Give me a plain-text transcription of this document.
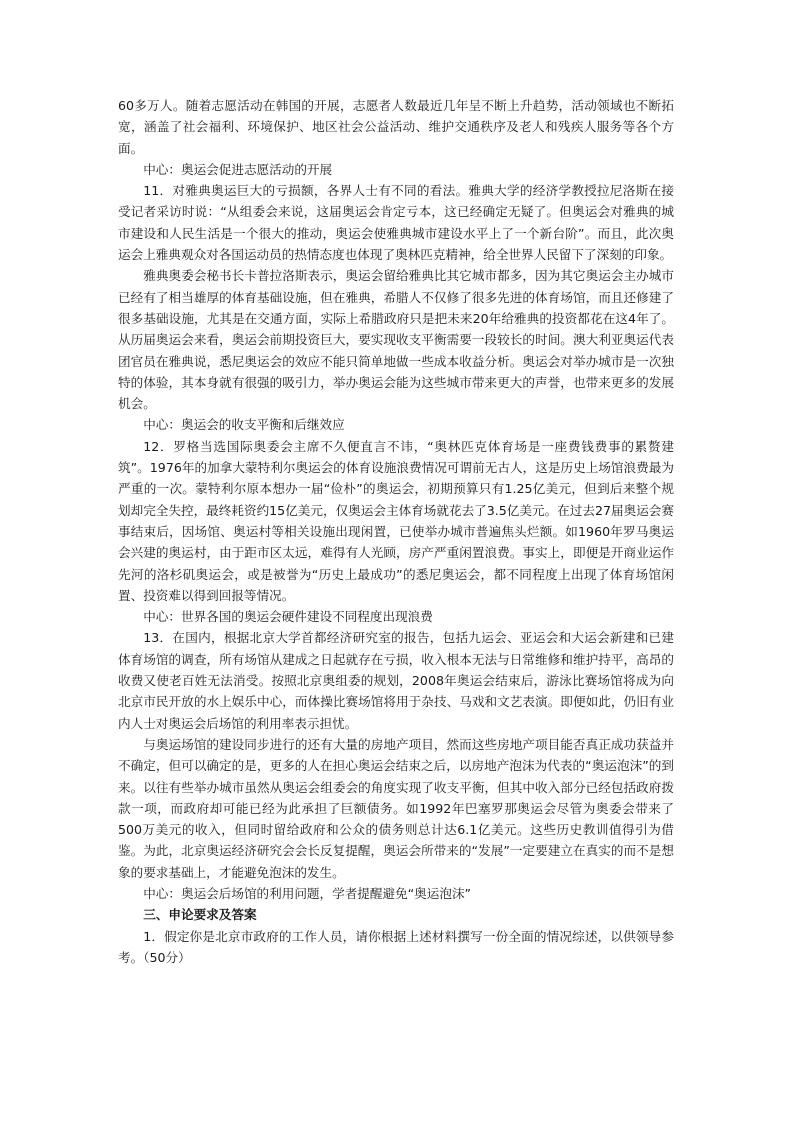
60多万人。随着志愿活动在韩国的开展，志愿者人数最近几年呈不断上升趋势，活动领域也不断拓宽，涵盖了社会福利、环境保护、地区社会公益活动、维护交通秩序及老人和残疾人服务等各个方面。

中心：奥运会促进志愿活动的开展

11．对雅典奥运巨大的亏损额，各界人士有不同的看法。雅典大学的经济学教授拉尼洛斯在接受记者采访时说：“从组委会来说，这届奥运会肯定亏本，这已经确定无疑了。但奥运会对雅典的城市建设和人民生活是一个很大的推动，奥运会使雅典城市建设水平上了一个新台阶”。而且，此次奥运会上雅典观众对各国运动员的热情态度也体现了奥林匹克精神，给全世界人民留下了深刻的印象。

雅典奥委会秘书长卡普拉洛斯表示，奥运会留给雅典比其它城市都多，因为其它奥运会主办城市已经有了相当雄厚的体育基础设施，但在雅典，希腊人不仅修了很多先进的体育场馆，而且还修建了很多基础设施，尤其是在交通方面，实际上希腊政府只是把未来20年给雅典的投资都花在这4年了。从历届奥运会来看，奥运会前期投资巨大，要实现收支平衡需要一段较长的时间。澳大利亚奥运代表团官员在雅典说，悉尼奥运会的效应不能只简单地做一些成本收益分析。奥运会对举办城市是一次独特的体验，其本身就有很强的吸引力，举办奥运会能为这些城市带来更大的声誉，也带来更多的发展机会。

中心：奥运会的收支平衡和后继效应

12．罗格当选国际奥委会主席不久便直言不讳，“奥林匹克体育场是一座费钱费事的累赘建筑”。1976年的加拿大蒙特利尔奥运会的体育设施浪费情况可谓前无古人，这是历史上场馆浪费最为严重的一次。蒙特利尔原本想办一届“俭朴”的奥运会，初期预算只有1.25亿美元，但到后来整个规划却完全失控，最终耗资约15亿美元，仅奥运会主体育场就花去了3.5亿美元。在过去27届奥运会赛事结束后，因场馆、奥运村等相关设施出现闲置，已使举办城市普遍焦头烂额。如1960年罗马奥运会兴建的奥运村，由于距市区太远，难得有人光顾，房产严重闲置浪费。事实上，即便是开商业运作先河的洛杉矶奥运会，或是被誉为“历史上最成功”的悉尼奥运会，都不同程度上出现了体育场馆闲置、投资难以得到回报等情况。

中心：世界各国的奥运会硬件建设不同程度出现浪费

13．在国内，根据北京大学首都经济研究室的报告，包括九运会、亚运会和大运会新建和已建体育场馆的调查，所有场馆从建成之日起就存在亏损，收入根本无法与日常维修和维护持平，高昂的收费又使老百姓无法消受。按照北京奥组委的规划，2008年奥运会结束后，游泳比赛场馆将成为向北京市民开放的水上娱乐中心，而体操比赛场馆将用于杂技、马戏和文艺表演。即便如此，仍旧有业内人士对奥运会后场馆的利用率表示担忧。

与奥运场馆的建设同步进行的还有大量的房地产项目，然而这些房地产项目能否真正成功获益并不确定，但可以确定的是，更多的人在担心奥运会结束之后，以房地产泡沫为代表的“奥运泡沫”的到来。以往有些举办城市虽然从奥运会组委会的角度实现了收支平衡，但其中收入部分已经包括政府拨款一项，而政府却可能已经为此承担了巨额债务。如1992年巴塞罗那奥运会尽管为奥委会带来了500万美元的收入，但同时留给政府和公众的债务则总计达6.1亿美元。这些历史教训值得引为借鉴。为此，北京奥运经济研究会会长反复提醒，奥运会所带来的“发展”一定要建立在真实的而不是想象的要求基础上，才能避免泡沫的发生。

中心：奥运会后场馆的利用问题，学者提醒避免“奥运泡沫”

三、申论要求及答案

1．假定你是北京市政府的工作人员，请你根据上述材料撰写一份全面的情况综述，以供领导参考。（50分）
